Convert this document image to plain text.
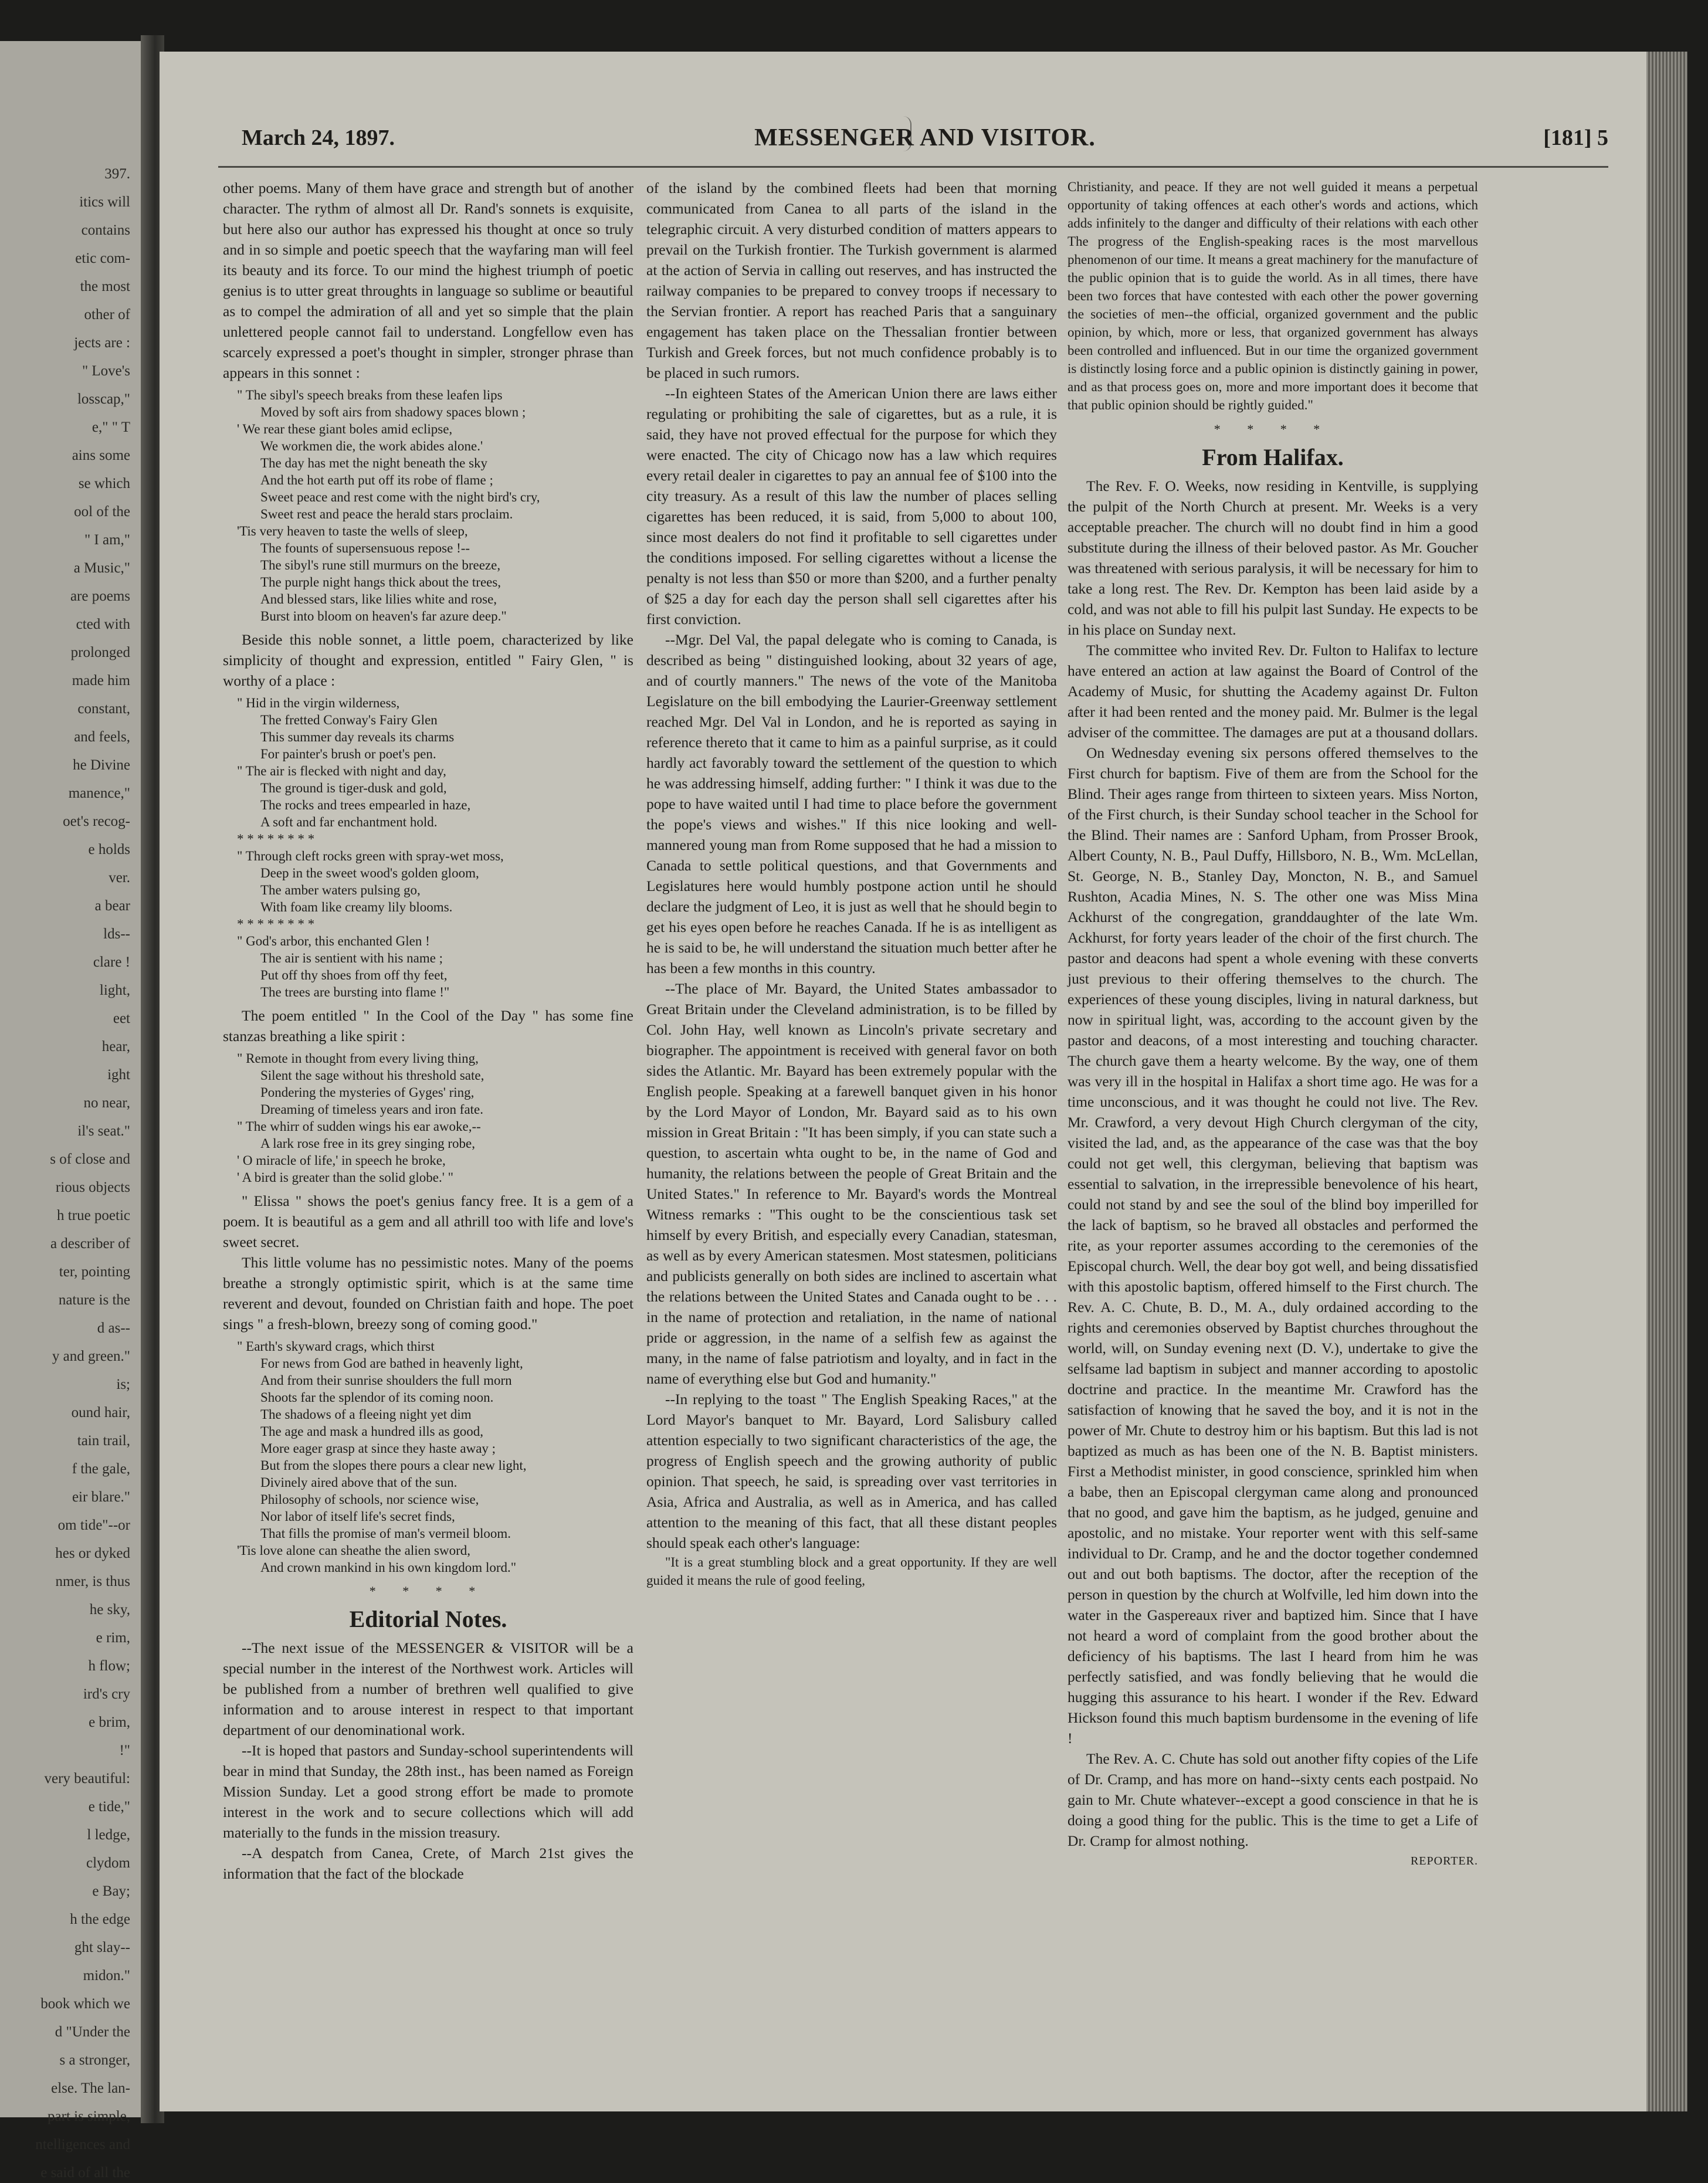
397.
itics will
contains
etic com-
the most
other of
jects are :
" Love's
losscap,"
e," " T
ains some
se which
ool of the
" I am,"
a Music,"
are poems
cted with
prolonged
made him
constant,
and feels,
he Divine
manence,"
oet's recog-
e holds
ver.
a bear
lds--
clare !
light,
eet
hear,
ight
no near,
il's seat."
s of close and
rious objects
h true poetic
a describer of
ter, pointing
nature is the
d as--
y and green."
is;
ound hair,
tain trail,
f the gale,
eir blare."
om tide"--or
hes or dyked
nmer, is thus
he sky,
e rim,
h flow;
ird's cry
e brim,
!"
very beautiful:
e tide,"
l ledge,
clydom
e Bay;
h the edge
ght slay--
midon."
book which we
d "Under the
s a stronger,
else. The lan-
part is simple,
ntelligences and
e said of all the
March 24, 1897.	MESSENGER AND VISITOR.	[181] 5

other poems. Many of them have grace and strength but of another character. The rythm of almost all Dr. Rand's sonnets is exquisite, but here also our author has expressed his thought at once so truly and in so simple and poetic speech that the wayfaring man will feel its beauty and its force. To our mind the highest triumph of poetic genius is to utter great throughts in language so sublime or beautiful as to compel the admiration of all and yet so simple that the plain unlettered people cannot fail to understand. Longfellow even has scarcely expressed a poet's thought in simpler, stronger phrase than appears in this sonnet :

" The sibyl's speech breaks from these leafen lips
Moved by soft airs from shadowy spaces blown ;
' We rear these giant boles amid eclipse,
We workmen die, the work abides alone.'
The day has met the night beneath the sky
And the hot earth put off its robe of flame ;
Sweet peace and rest come with the night bird's cry,
Sweet rest and peace the herald stars proclaim.
'Tis very heaven to taste the wells of sleep,
The founts of supersensuous repose !--
The sibyl's rune still murmurs on the breeze,
The purple night hangs thick about the trees,
And blessed stars, like lilies white and rose,
Burst into bloom on heaven's far azure deep."

Beside this noble sonnet, a little poem, characterized by like simplicity of thought and expression, entitled " Fairy Glen, " is worthy of a place :

" Hid in the virgin wilderness,
The fretted Conway's Fairy Glen
This summer day reveals its charms
For painter's brush or poet's pen.
" The air is flecked with night and day,
The ground is tiger-dusk and gold,
The rocks and trees empearled in haze,
A soft and far enchantment hold.
* * * * * * * *
" Through cleft rocks green with spray-wet moss,
Deep in the sweet wood's golden gloom,
The amber waters pulsing go,
With foam like creamy lily blooms.
* * * * * * * *
" God's arbor, this enchanted Glen !
The air is sentient with his name ;
Put off thy shoes from off thy feet,
The trees are bursting into flame !"

The poem entitled " In the Cool of the Day " has some fine stanzas breathing a like spirit :

" Remote in thought from every living thing,
Silent the sage without his threshold sate,
Pondering the mysteries of Gyges' ring,
Dreaming of timeless years and iron fate.
" The whirr of sudden wings his ear awoke,--
A lark rose free in its grey singing robe,
' O miracle of life,' in speech he broke,
' A bird is greater than the solid globe.' "

" Elissa " shows the poet's genius fancy free. It is a gem of a poem. It is beautiful as a gem and all athrill too with life and love's sweet secret.

This little volume has no pessimistic notes. Many of the poems breathe a strongly optimistic spirit, which is at the same time reverent and devout, founded on Christian faith and hope. The poet sings " a fresh-blown, breezy song of coming good."

" Earth's skyward crags, which thirst
For news from God are bathed in heavenly light,
And from their sunrise shoulders the full morn
Shoots far the splendor of its coming noon.
The shadows of a fleeing night yet dim
The age and mask a hundred ills as good,
More eager grasp at since they haste away ;
But from the slopes there pours a clear new light,
Divinely aired above that of the sun.
Philosophy of schools, nor science wise,
Nor labor of itself life's secret finds,
That fills the promise of man's vermeil bloom.
'Tis love alone can sheathe the alien sword,
And crown mankind in his own kingdom lord."
* * * *
Editorial Notes.

--The next issue of the MESSENGER & VISITOR will be a special number in the interest of the Northwest work. Articles will be published from a number of brethren well qualified to give information and to arouse interest in respect to that important department of our denominational work.

--It is hoped that pastors and Sunday-school superintendents will bear in mind that Sunday, the 28th inst., has been named as Foreign Mission Sunday. Let a good strong effort be made to promote interest in the work and to secure collections which will add materially to the funds in the mission treasury.

--A despatch from Canea, Crete, of March 21st gives the information that the fact of the blockade

of the island by the combined fleets had been that morning communicated from Canea to all parts of the island in the telegraphic circuit. A very disturbed condition of matters appears to prevail on the Turkish frontier. The Turkish government is alarmed at the action of Servia in calling out reserves, and has instructed the railway companies to be prepared to convey troops if necessary to the Servian frontier. A report has reached Paris that a sanguinary engagement has taken place on the Thessalian frontier between Turkish and Greek forces, but not much confidence probably is to be placed in such rumors.

--In eighteen States of the American Union there are laws either regulating or prohibiting the sale of cigarettes, but as a rule, it is said, they have not proved effectual for the purpose for which they were enacted. The city of Chicago now has a law which requires every retail dealer in cigarettes to pay an annual fee of $100 into the city treasury. As a result of this law the number of places selling cigarettes has been reduced, it is said, from 5,000 to about 100, since most dealers do not find it profitable to sell cigarettes under the conditions imposed. For selling cigarettes without a license the penalty is not less than $50 or more than $200, and a further penalty of $25 a day for each day the person shall sell cigarettes after his first conviction.

--Mgr. Del Val, the papal delegate who is coming to Canada, is described as being " distinguished looking, about 32 years of age, and of courtly manners." The news of the vote of the Manitoba Legislature on the bill embodying the Laurier-Greenway settlement reached Mgr. Del Val in London, and he is reported as saying in reference thereto that it came to him as a painful surprise, as it could hardly act favorably toward the settlement of the question to which he was addressing himself, adding further: " I think it was due to the pope to have waited until I had time to place before the government the pope's views and wishes." If this nice looking and well-mannered young man from Rome supposed that he had a mission to Canada to settle political questions, and that Governments and Legislatures here would humbly postpone action until he should declare the judgment of Leo, it is just as well that he should begin to get his eyes open before he reaches Canada. If he is as intelligent as he is said to be, he will understand the situation much better after he has been a few months in this country.

--The place of Mr. Bayard, the United States ambassador to Great Britain under the Cleveland administration, is to be filled by Col. John Hay, well known as Lincoln's private secretary and biographer. The appointment is received with general favor on both sides the Atlantic. Mr. Bayard has been extremely popular with the English people. Speaking at a farewell banquet given in his honor by the Lord Mayor of London, Mr. Bayard said as to his own mission in Great Britain : "It has been simply, if you can state such a question, to ascertain whta ought to be, in the name of God and humanity, the relations between the people of Great Britain and the United States." In reference to Mr. Bayard's words the Montreal Witness remarks : "This ought to be the conscientious task set himself by every British, and especially every Canadian, statesman, as well as by every American statesmen. Most statesmen, politicians and publicists generally on both sides are inclined to ascertain what the relations between the United States and Canada ought to be . . . in the name of protection and retaliation, in the name of national pride or aggression, in the name of a selfish few as against the many, in the name of false patriotism and loyalty, and in fact in the name of everything else but God and humanity."

--In replying to the toast " The English Speaking Races," at the Lord Mayor's banquet to Mr. Bayard, Lord Salisbury called attention especially to two significant characteristics of the age, the progress of English speech and the growing authority of public opinion. That speech, he said, is spreading over vast territories in Asia, Africa and Australia, as well as in America, and has called attention to the meaning of this fact, that all these distant peoples should speak each other's language:

"It is a great stumbling block and a great opportunity. If they are well guided it means the rule of good feeling,

Christianity, and peace. If they are not well guided it means a perpetual opportunity of taking offences at each other's words and actions, which adds infinitely to the danger and difficulty of their relations with each other The progress of the English-speaking races is the most marvellous phenomenon of our time. It means a great machinery for the manufacture of the public opinion that is to guide the world. As in all times, there have been two forces that have contested with each other the power governing the societies of men--the official, organized government and the public opinion, by which, more or less, that organized government has always been controlled and influenced. But in our time the organized government is distinctly losing force and a public opinion is distinctly gaining in power, and as that process goes on, more and more important does it become that that public opinion should be rightly guided."

* * * *
From Halifax.

The Rev. F. O. Weeks, now residing in Kentville, is supplying the pulpit of the North Church at present. Mr. Weeks is a very acceptable preacher. The church will no doubt find in him a good substitute during the illness of their beloved pastor. As Mr. Goucher was threatened with serious paralysis, it will be necessary for him to take a long rest. The Rev. Dr. Kempton has been laid aside by a cold, and was not able to fill his pulpit last Sunday. He expects to be in his place on Sunday next.

The committee who invited Rev. Dr. Fulton to Halifax to lecture have entered an action at law against the Board of Control of the Academy of Music, for shutting the Academy against Dr. Fulton after it had been rented and the money paid. Mr. Bulmer is the legal adviser of the committee. The damages are put at a thousand dollars.

On Wednesday evening six persons offered themselves to the First church for baptism. Five of them are from the School for the Blind. Their ages range from thirteen to sixteen years. Miss Norton, of the First church, is their Sunday school teacher in the School for the Blind. Their names are : Sanford Upham, from Prosser Brook, Albert County, N. B., Paul Duffy, Hillsboro, N. B., Wm. McLellan, St. George, N. B., Stanley Day, Moncton, N. B., and Samuel Rushton, Acadia Mines, N. S. The other one was Miss Mina Ackhurst of the congregation, granddaughter of the late Wm. Ackhurst, for forty years leader of the choir of the first church. The pastor and deacons had spent a whole evening with these converts just previous to their offering themselves to the church. The experiences of these young disciples, living in natural darkness, but now in spiritual light, was, according to the account given by the pastor and deacons, of a most interesting and touching character. The church gave them a hearty welcome. By the way, one of them was very ill in the hospital in Halifax a short time ago. He was for a time unconscious, and it was thought he could not live. The Rev. Mr. Crawford, a very devout High Church clergyman of the city, visited the lad, and, as the appearance of the case was that the boy could not get well, this clergyman, believing that baptism was essential to salvation, in the irrepressible benevolence of his heart, could not stand by and see the soul of the blind boy imperilled for the lack of baptism, so he braved all obstacles and performed the rite, as your reporter assumes according to the ceremonies of the Episcopal church. Well, the dear boy got well, and being dissatisfied with this apostolic baptism, offered himself to the First church. The Rev. A. C. Chute, B. D., M. A., duly ordained according to the rights and ceremonies observed by Baptist churches throughout the world, will, on Sunday evening next (D. V.), undertake to give the selfsame lad baptism in subject and manner according to apostolic doctrine and practice. In the meantime Mr. Crawford has the satisfaction of knowing that he saved the boy, and it is not in the power of Mr. Chute to destroy him or his baptism. But this lad is not baptized as much as has been one of the N. B. Baptist ministers. First a Methodist minister, in good conscience, sprinkled him when a babe, then an Episcopal clergyman came along and pronounced that no good, and gave him the baptism, as he judged, genuine and apostolic, and no mistake. Your reporter went with this self-same individual to Dr. Cramp, and he and the doctor together condemned out and out both baptisms. The doctor, after the reception of the person in question by the church at Wolfville, led him down into the water in the Gaspereaux river and baptized him. Since that I have not heard a word of complaint from the good brother about the deficiency of his baptisms. The last I heard from him he was perfectly satisfied, and was fondly believing that he would die hugging this assurance to his heart. I wonder if the Rev. Edward Hickson found this much baptism burdensome in the evening of life !

The Rev. A. C. Chute has sold out another fifty copies of the Life of Dr. Cramp, and has more on hand--sixty cents each postpaid. No gain to Mr. Chute whatever--except a good conscience in that he is doing a good thing for the public. This is the time to get a Life of Dr. Cramp for almost nothing.

REPORTER.
